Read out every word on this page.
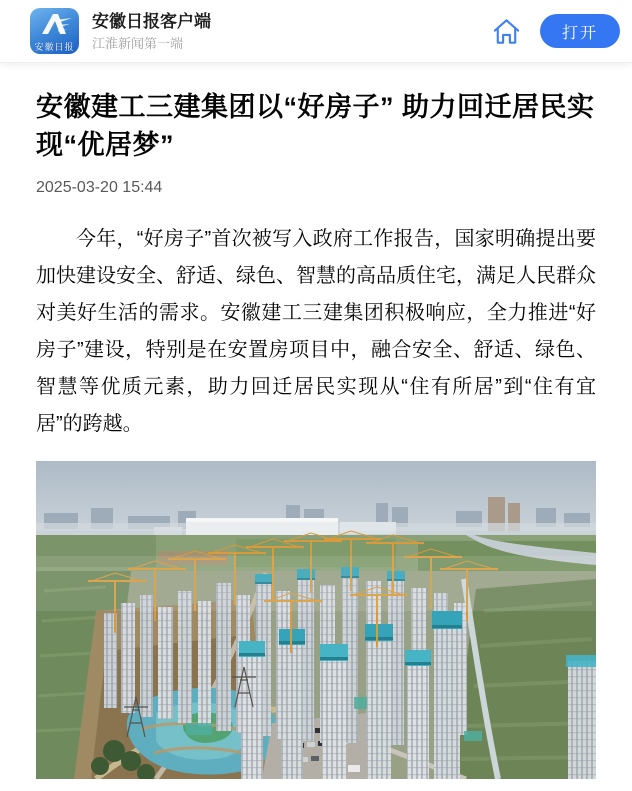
安徽日报
安徽日报客户端
江淮新闻第一端
打开
安徽建工三建集团以“好房子” 助力回迁居民实现“优居梦”
2025-03-20 15:44

今年，“好房子”首次被写入政府工作报告，国家明确提出要加快建设安全、舒适、绿色、智慧的高品质住宅，满足人民群众对美好生活的需求。安徽建工三建集团积极响应，全力推进“好房子”建设，特别是在安置房项目中，融合安全、舒适、绿色、智慧等优质元素，助力回迁居民实现从“住有所居”到“住有宜居”的跨越。
